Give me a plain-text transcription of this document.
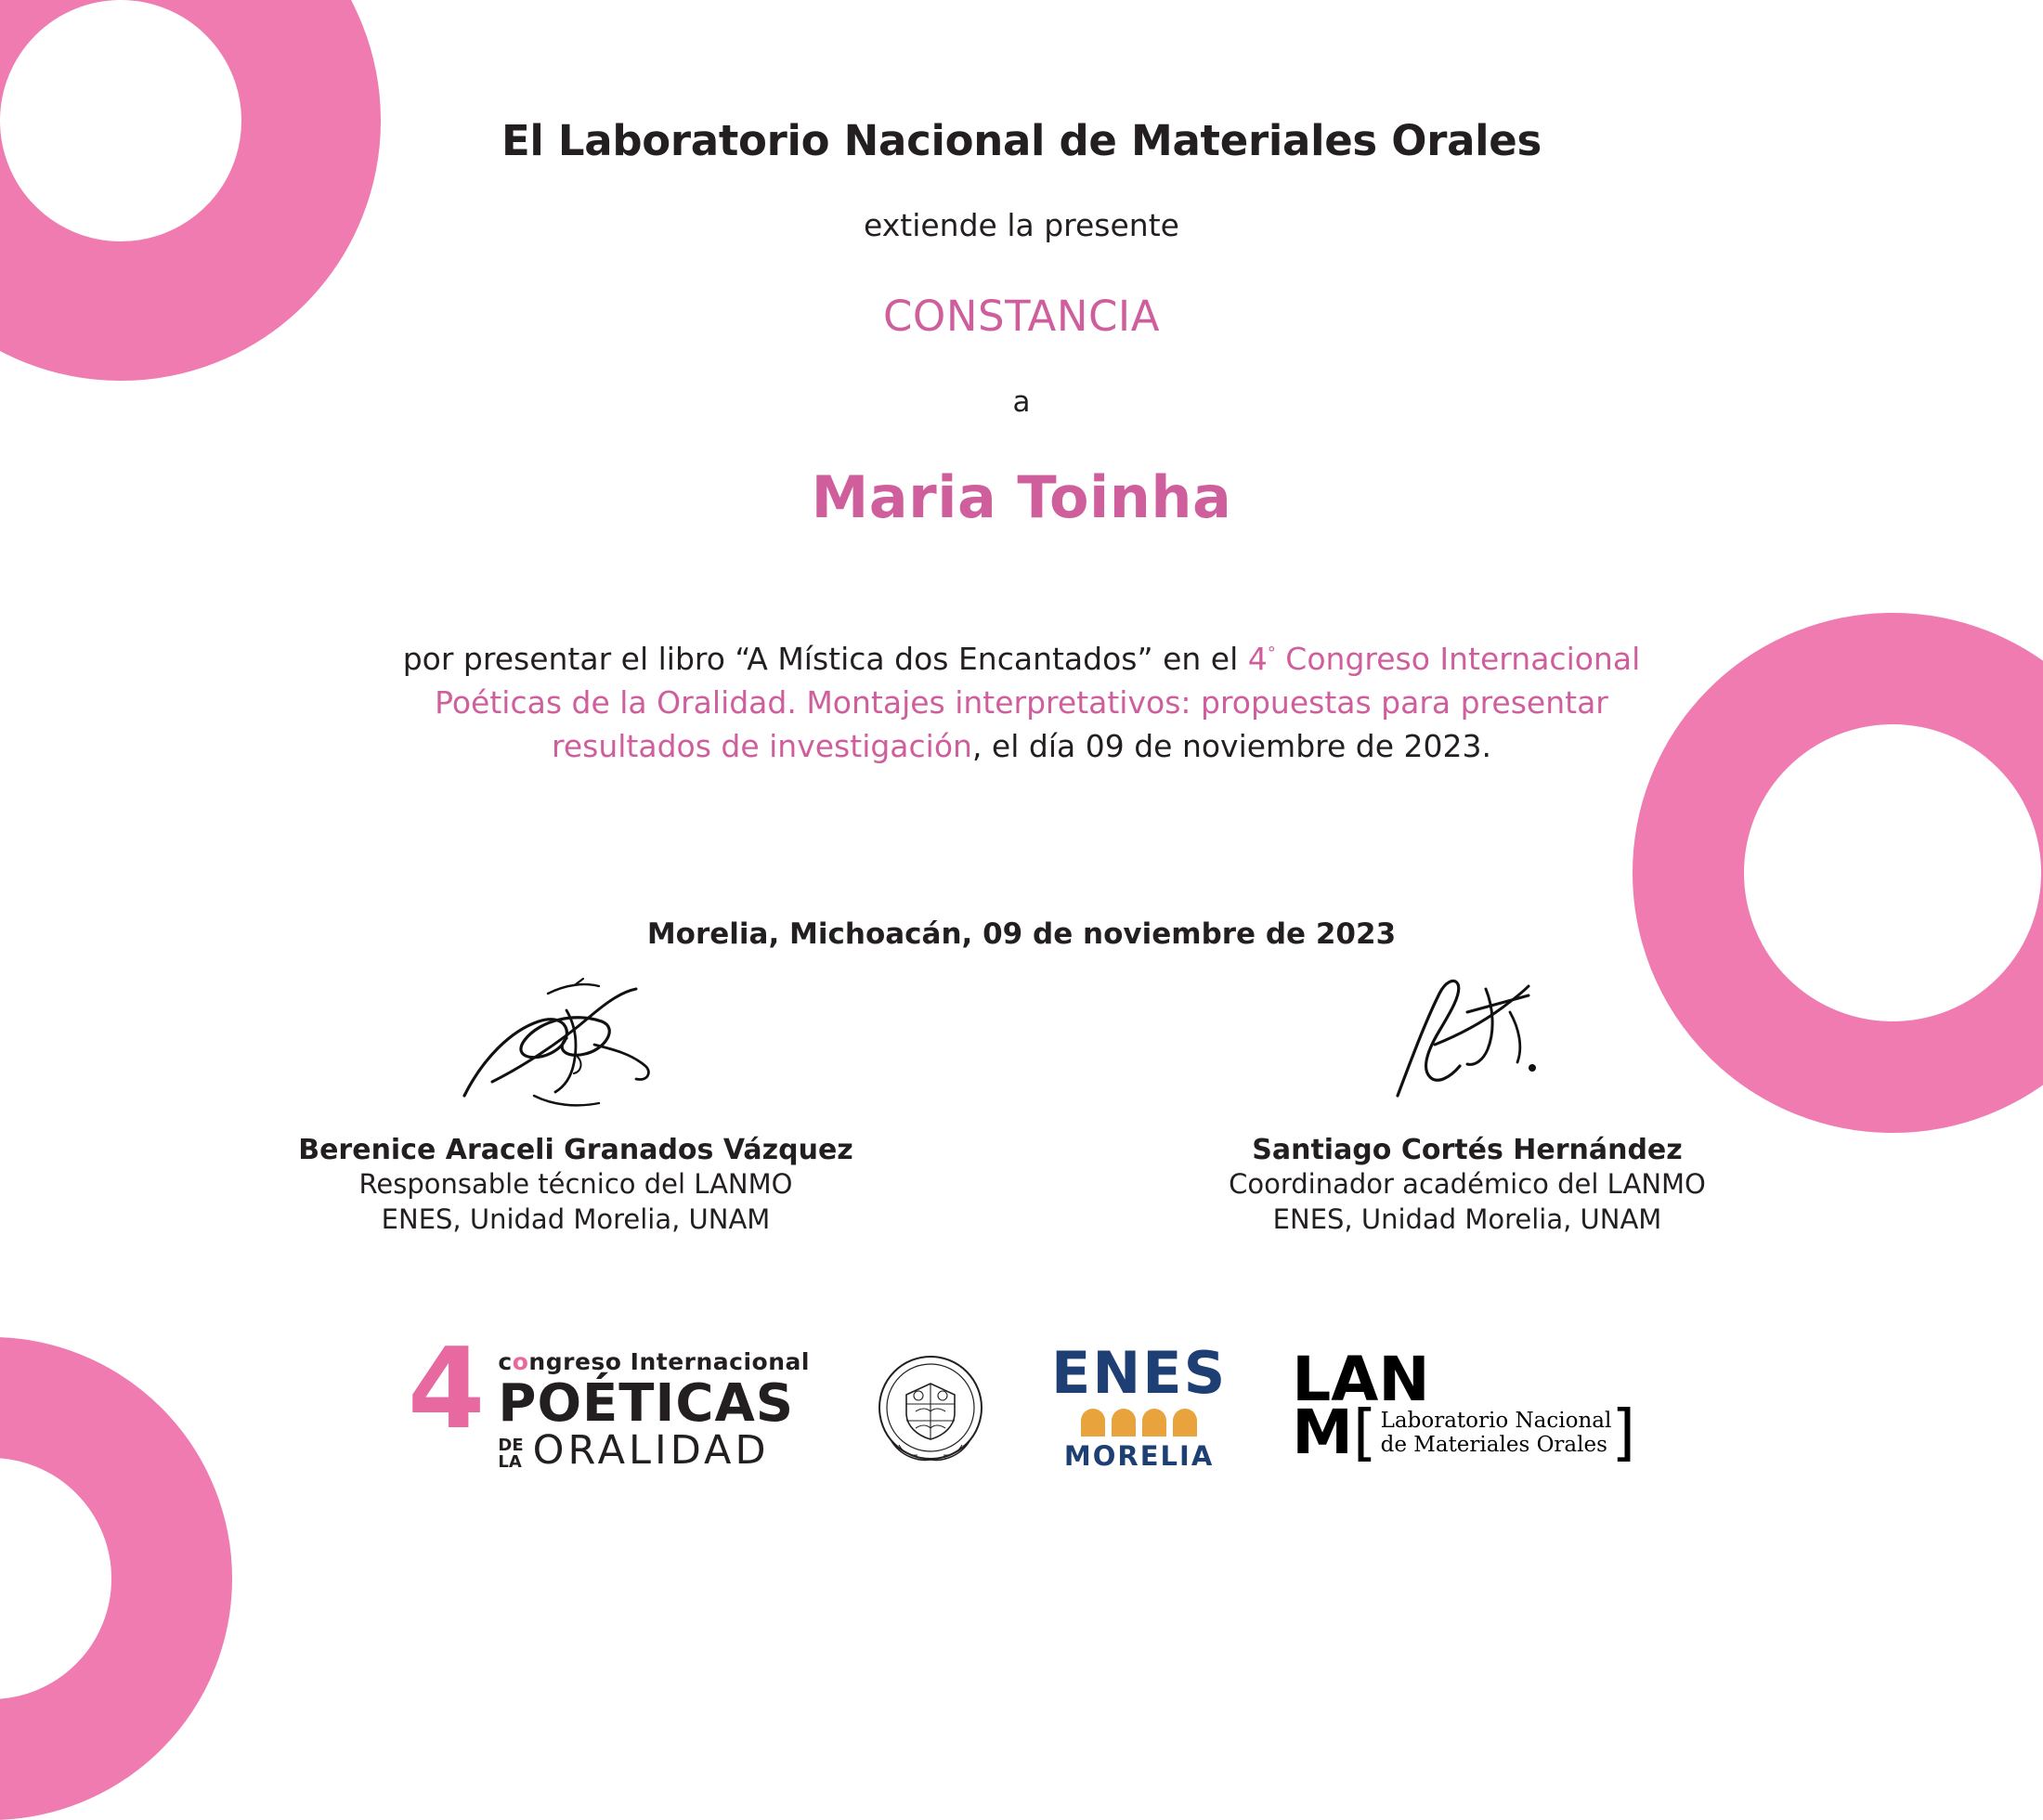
El Laboratorio Nacional de Materiales Orales
extiende la presente
CONSTANCIA
a
Maria Toinha
por presentar el libro “A Mística dos Encantados” en el 4° Congreso Internacional Poéticas de la Oralidad. Montajes interpretativos: propuestas para presentar resultados de investigación, el día 09 de noviembre de 2023.
Morelia, Michoacán, 09 de noviembre de 2023
Berenice Araceli Granados Vázquez
Responsable técnico del LANMO
ENES, Unidad Morelia, UNAM
Santiago Cortés Hernández
Coordinador académico del LANMO
ENES, Unidad Morelia, UNAM
4 congreso Internacional
POÉTICAS
DE
LA ORALIDAD
ENES
MORELIA
LAN
M [ Laboratorio Nacional
de Materiales Orales ]
